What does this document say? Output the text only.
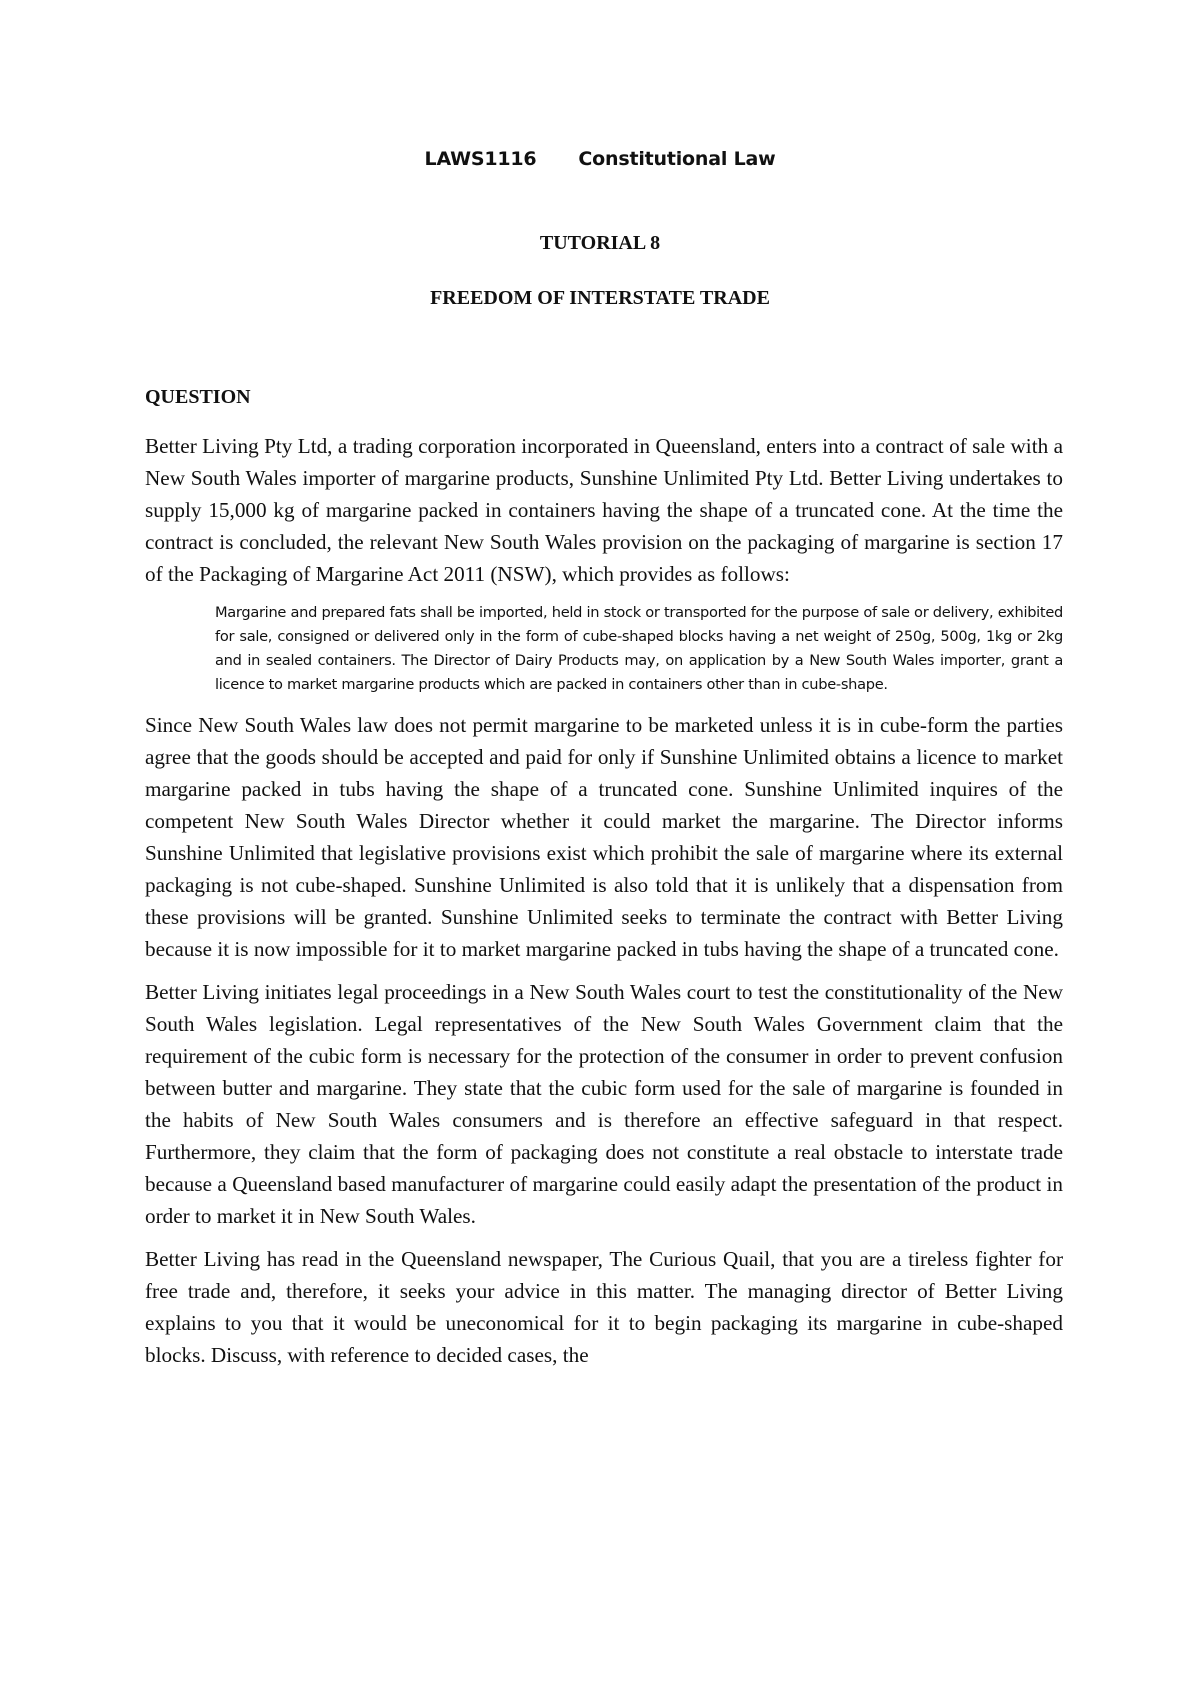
LAWS1116 Constitutional Law
TUTORIAL 8
FREEDOM OF INTERSTATE TRADE
QUESTION

Better Living Pty Ltd, a trading corporation incorporated in Queensland, enters into a contract of sale with a New South Wales importer of margarine products, Sunshine Unlimited Pty Ltd. Better Living undertakes to supply 15,000 kg of margarine packed in containers having the shape of a truncated cone. At the time the contract is concluded, the relevant New South Wales provision on the packaging of margarine is section 17 of the Packaging of Margarine Act 2011 (NSW), which provides as follows:

Margarine and prepared fats shall be imported, held in stock or transported for the purpose of sale or delivery, exhibited for sale, consigned or delivered only in the form of cube-shaped blocks having a net weight of 250g, 500g, 1kg or 2kg and in sealed containers. The Director of Dairy Products may, on application by a New South Wales importer, grant a licence to market margarine products which are packed in containers other than in cube-shape.

Since New South Wales law does not permit margarine to be marketed unless it is in cube-form the parties agree that the goods should be accepted and paid for only if Sunshine Unlimited obtains a licence to market margarine packed in tubs having the shape of a truncated cone. Sunshine Unlimited inquires of the competent New South Wales Director whether it could market the margarine. The Director informs Sunshine Unlimited that legislative provisions exist which prohibit the sale of margarine where its external packaging is not cube-shaped. Sunshine Unlimited is also told that it is unlikely that a dispensation from these provisions will be granted. Sunshine Unlimited seeks to terminate the contract with Better Living because it is now impossible for it to market margarine packed in tubs having the shape of a truncated cone.

Better Living initiates legal proceedings in a New South Wales court to test the constitutionality of the New South Wales legislation. Legal representatives of the New South Wales Government claim that the requirement of the cubic form is necessary for the protection of the consumer in order to prevent confusion between butter and margarine. They state that the cubic form used for the sale of margarine is founded in the habits of New South Wales consumers and is therefore an effective safeguard in that respect. Furthermore, they claim that the form of packaging does not constitute a real obstacle to interstate trade because a Queensland based manufacturer of margarine could easily adapt the presentation of the product in order to market it in New South Wales.

Better Living has read in the Queensland newspaper, The Curious Quail, that you are a tireless fighter for free trade and, therefore, it seeks your advice in this matter. The managing director of Better Living explains to you that it would be uneconomical for it to begin packaging its margarine in cube-shaped blocks. Discuss, with reference to decided cases, the
